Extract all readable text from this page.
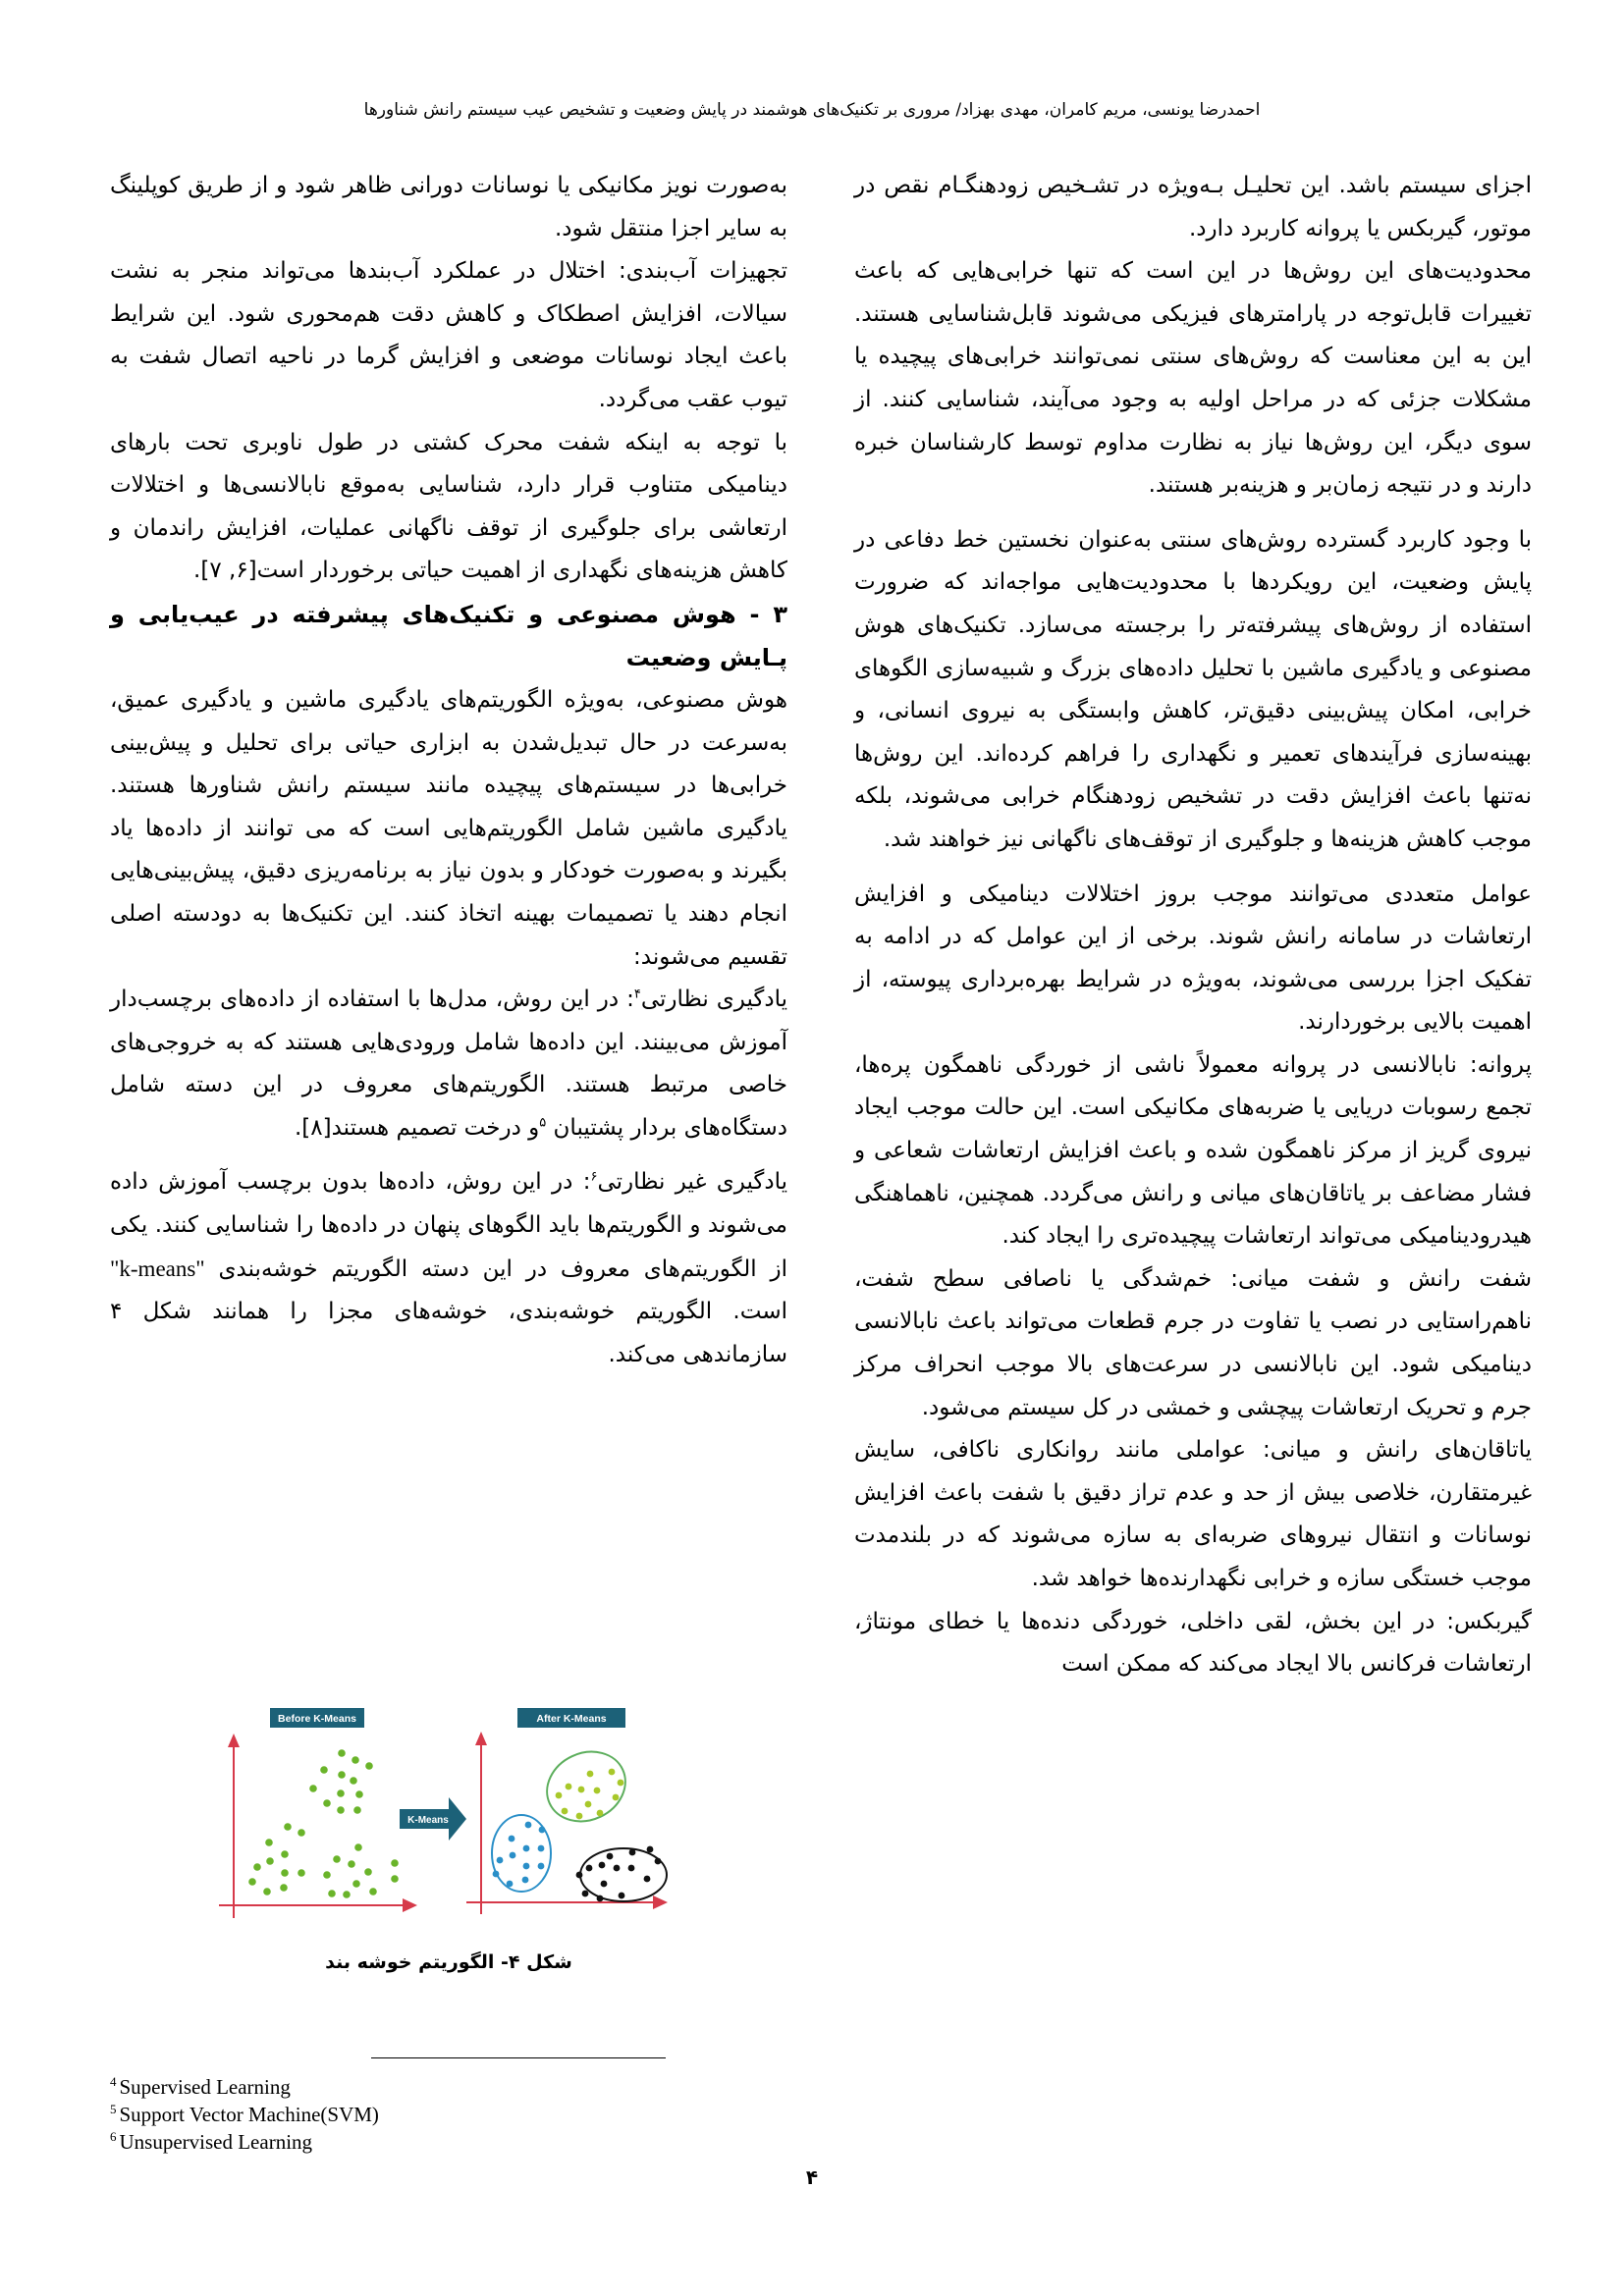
احمدرضا یونسی، مریم کامران، مهدی بهزاد/ مروری بر تکنیک‌های هوشمند در پایش وضعیت و تشخیص عیب سیستم رانش شناورها

اجزای سیستم باشد. این تحلیـل بـه‌ویژه در تشـخیص زودهنگـام نقص در موتور، گیربکس یا پروانه کاربرد دارد.

محدودیت‌های این روش‌ها در این است که تنها خرابی‌هایی که باعث تغییرات قابل‌توجه در پارامترهای فیزیکی می‌شوند قابل‌شناسایی هستند. این به این معناست که روش‌های سنتی نمی‌توانند خرابی‌های پیچیده یا مشکلات جزئی که در مراحل اولیه به وجود می‌آیند، شناسایی کنند. از سوی دیگر، این روش‌ها نیاز به نظارت مداوم توسط کارشناسان خبره دارند و در نتیجه زمان‌بر و هزینه‌بر هستند.

با وجود کاربرد گسترده روش‌های سنتی به‌عنوان نخستین خط دفاعی در پایش وضعیت، این رویکردها با محدودیت‌هایی مواجه‌اند که ضرورت استفاده از روش‌های پیشرفته‌تر را برجسته می‌سازد. تکنیک‌های هوش مصنوعی و یادگیری ماشین با تحلیل داده‌های بزرگ و شبیه‌سازی الگوهای خرابی، امکان پیش‌بینی دقیق‌تر، کاهش وابستگی به نیروی انسانی، و بهینه‌سازی فرآیندهای تعمیر و نگهداری را فراهم کرده‌اند. این روش‌ها نه‌تنها باعث افزایش دقت در تشخیص زودهنگام خرابی می‌شوند، بلکه موجب کاهش هزینه‌ها و جلوگیری از توقف‌های ناگهانی نیز خواهند شد.

عوامل متعددی می‌توانند موجب بروز اختلالات دینامیکی و افزایش ارتعاشات در سامانه رانش شوند. برخی از این عوامل که در ادامه به تفکیک اجزا بررسی می‌شوند، به‌ویژه در شرایط بهره‌برداری پیوسته، از اهمیت بالایی برخوردارند.

پروانه: نابالانسی در پروانه معمولاً ناشی از خوردگی ناهمگون پره‌ها، تجمع رسوبات دریایی یا ضربه‌های مکانیکی است. این حالت موجب ایجاد نیروی گریز از مرکز ناهمگون شده و باعث افزایش ارتعاشات شعاعی و فشار مضاعف بر یاتاقان‌های میانی و رانش می‌گردد. همچنین، ناهماهنگی هیدرودینامیکی می‌تواند ارتعاشات پیچیده‌تری را ایجاد کند.

شفت رانش و شفت میانی: خم‌شدگی یا ناصافی سطح شفت، ناهم‌راستایی در نصب یا تفاوت در جرم قطعات می‌تواند باعث نابالانسی دینامیکی شود. این نابالانسی در سرعت‌های بالا موجب انحراف مرکز جرم و تحریک ارتعاشات پیچشی و خمشی در کل سیستم می‌شود.

یاتاقان‌های رانش و میانی: عواملی مانند روانکاری ناکافی، سایش غیرمتقارن، خلاصی بیش از حد و عدم تراز دقیق با شفت باعث افزایش نوسانات و انتقال نیروهای ضربه‌ای به سازه می‌شوند که در بلندمدت موجب خستگی سازه و خرابی نگهدارنده‌ها خواهد شد.

گیربکس: در این بخش، لقی داخلی، خوردگی دنده‌ها یا خطای مونتاژ، ارتعاشات فرکانس بالا ایجاد می‌کند که ممکن است

به‌صورت نویز مکانیکی یا نوسانات دورانی ظاهر شود و از طریق کوپلینگ به سایر اجزا منتقل شود.

تجهیزات آب‌بندی: اختلال در عملکرد آب‌بندها می‌تواند منجر به نشت سیالات، افزایش اصطکاک و کاهش دقت هم‌محوری شود. این شرایط باعث ایجاد نوسانات موضعی و افزایش گرما در ناحیه اتصال شفت به تیوب عقب می‌گردد.

با توجه به اینکه شفت محرک کشتی در طول ناوبری تحت بارهای دینامیکی متناوب قرار دارد، شناسایی به‌موقع نابالانسی‌ها و اختلالات ارتعاشی برای جلوگیری از توقف ناگهانی عملیات، افزایش راندمان و کاهش هزینه‌های نگهداری از اهمیت حیاتی برخوردار است[۶, ۷].

۳ - هوش مصنوعی و تکنیک‌های پیشرفته در عیب‌یابی و پـایش وضعیت

هوش مصنوعی، به‌ویژه الگوریتم‌های یادگیری ماشین و یادگیری عمیق، به‌سرعت در حال تبدیل‌شدن به ابزاری حیاتی برای تحلیل و پیش‌بینی خرابی‌ها در سیستم‌های پیچیده مانند سیستم رانش شناورها هستند. یادگیری ماشین شامل الگوریتم‌هایی است که می توانند از داده‌ها یاد بگیرند و به‌صورت خودکار و بدون نیاز به برنامه‌ریزی دقیق، پیش‌بینی‌هایی انجام دهند یا تصمیمات بهینه اتخاذ کنند. این تکنیک‌ها به دودسته اصلی تقسیم می‌شوند:

یادگیری نظارتی$^۴$: در این روش، مدل‌ها با استفاده از داده‌های برچسب‌دار آموزش می‌بینند. این داده‌ها شامل ورودی‌هایی هستند که به خروجی‌های خاصی مرتبط هستند. الگوریتم‌های معروف در این دسته شامل دستگاه‌های بردار پشتیبان $^۵$و درخت تصمیم هستند[۸].

یادگیری غیر نظارتی$^۶$: در این روش، داده‌ها بدون برچسب آموزش داده می‌شوند و الگوریتم‌ها باید الگوهای پنهان در داده‌ها را شناسایی کنند. یکی از الگوریتم‌های معروف در این دسته الگوریتم خوشه‌بندی "k-means" است. الگوریتم خوشه‌بندی، خوشه‌های مجزا را همانند شکل ۴ سازماندهی می‌کند.

Before K-Means	After K-Means
K-Means
شکل ۴- الگوریتم خوشه بند
$^4$ Supervised Learning
$^5$ Support Vector Machine(SVM)
$^6$ Unsupervised Learning
۴
